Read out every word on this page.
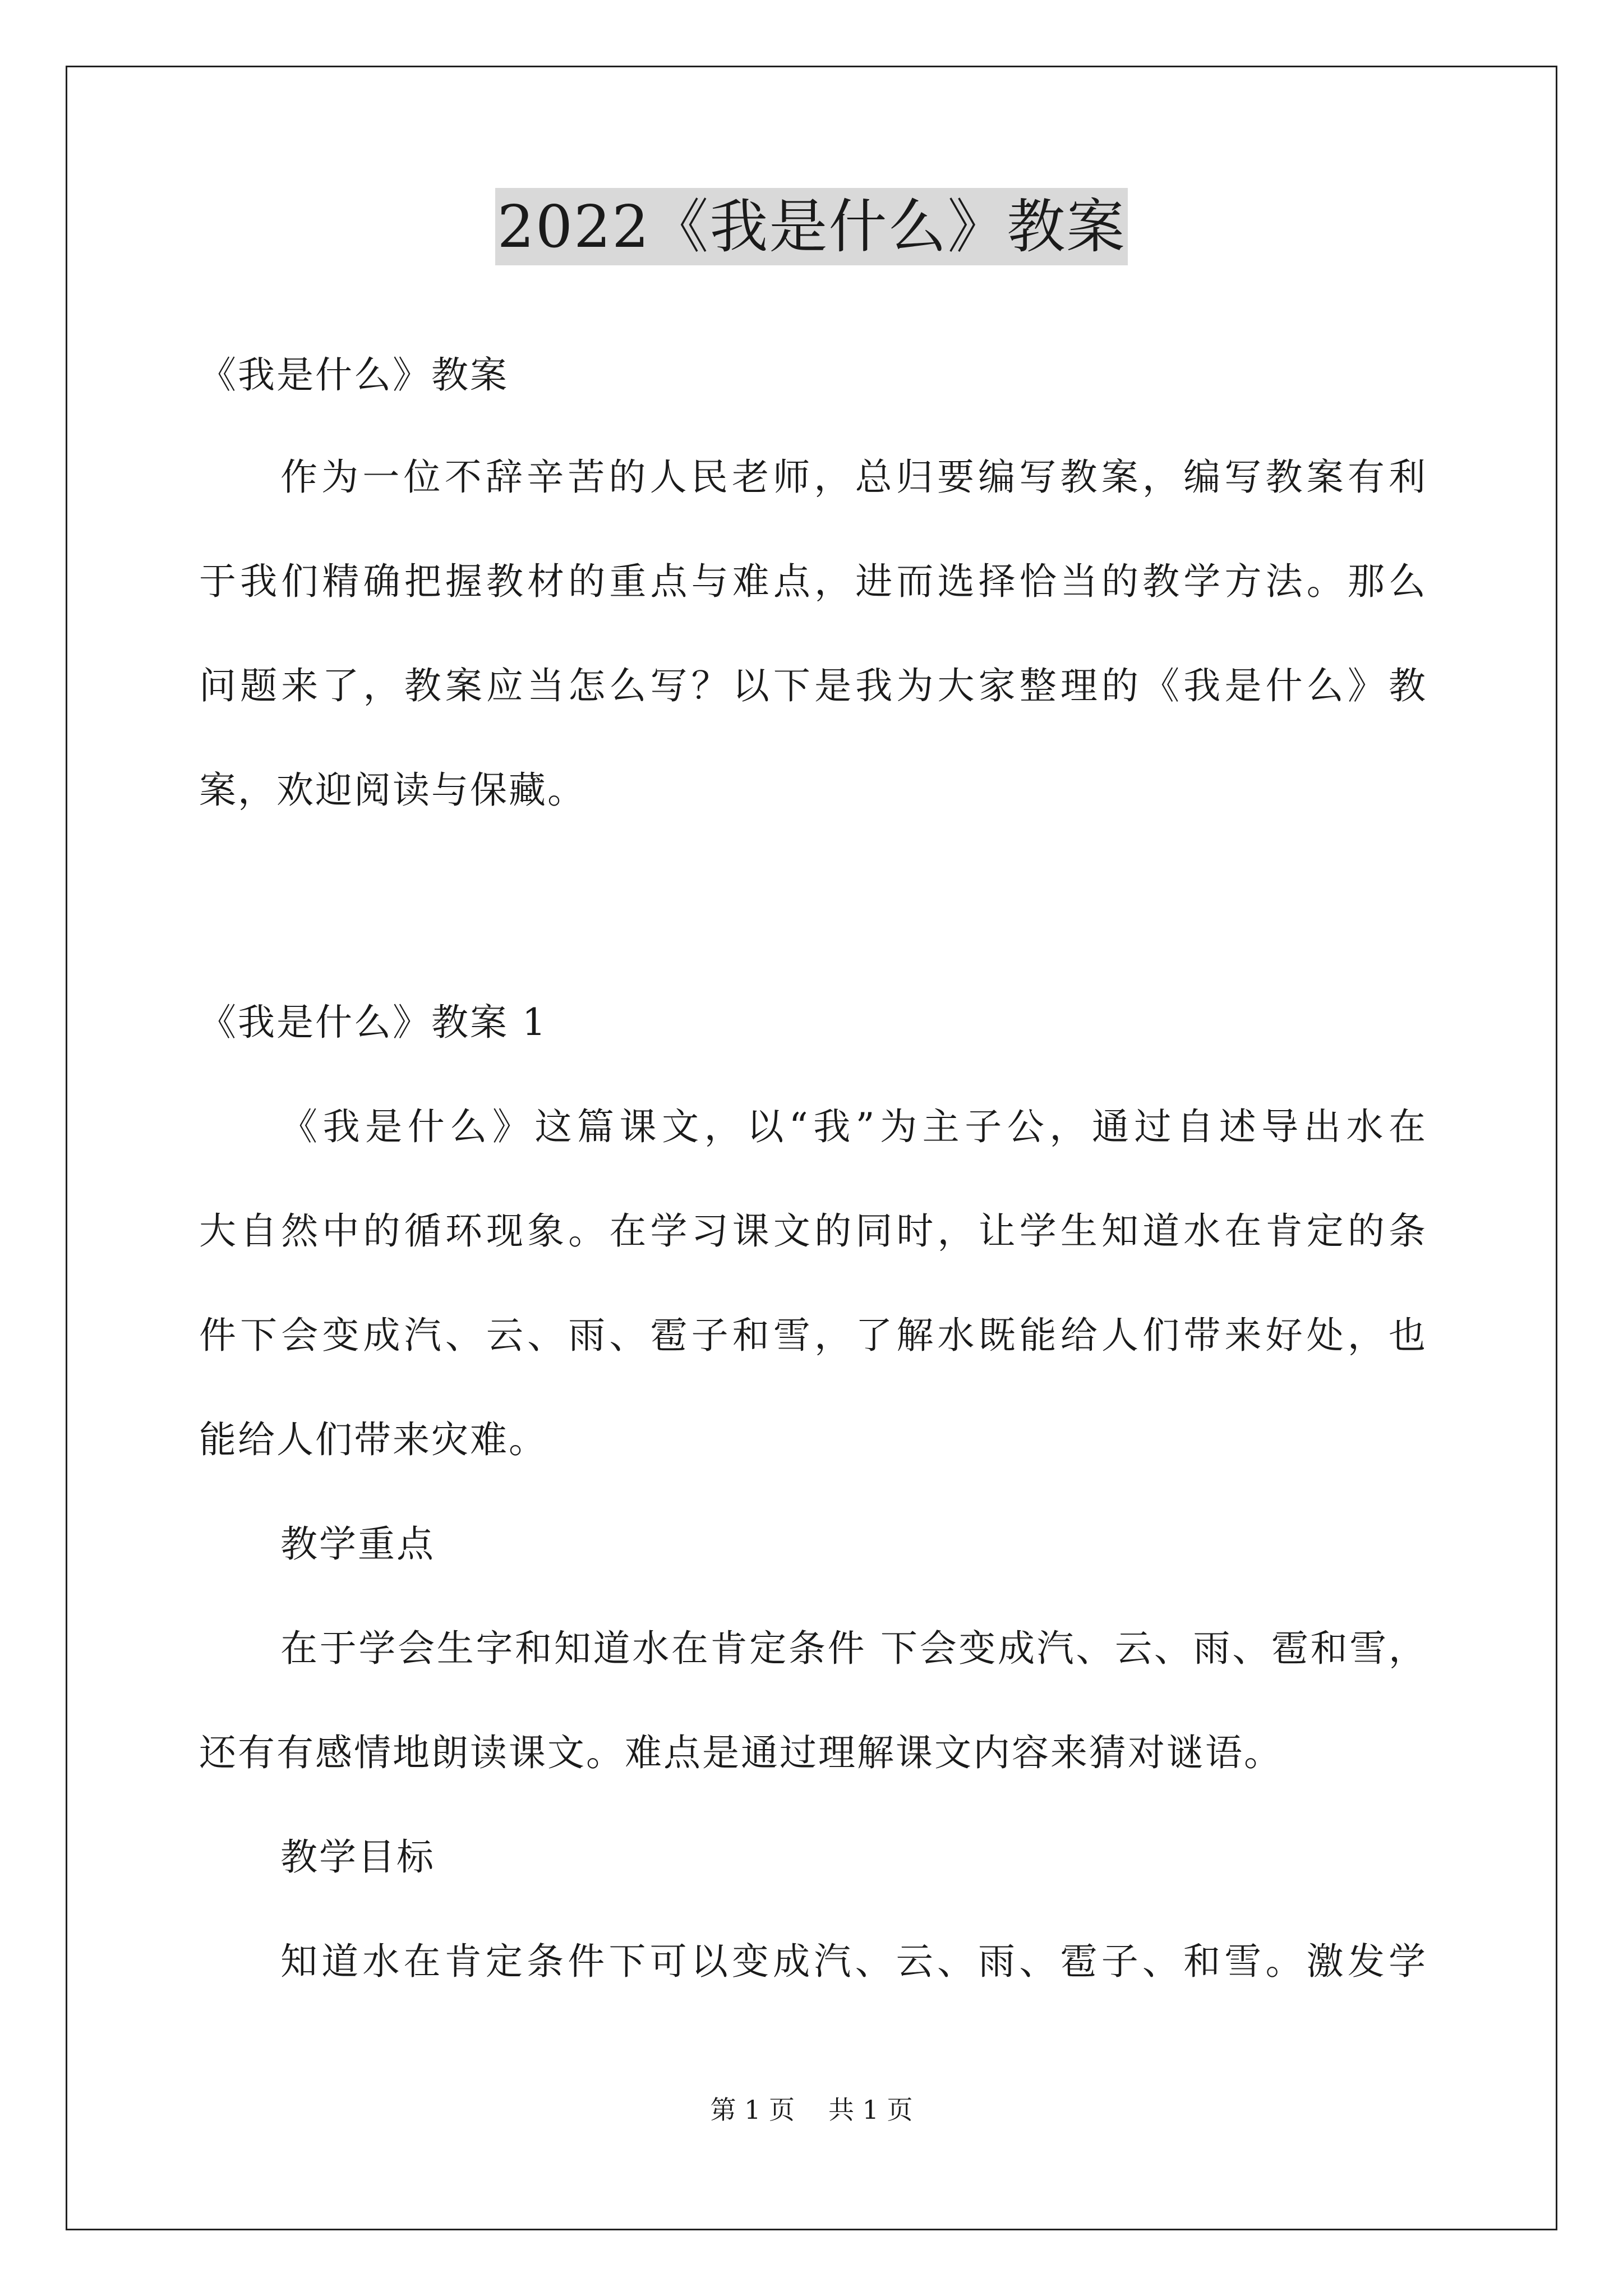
2022《我是什么》教案
《我是什么》教案
作为一位不辞辛苦的人民老师，总归要编写教案，编写教案有利
于我们精确把握教材的重点与难点，进而选择恰当的教学方法。那么
问题来了，教案应当怎么写？以下是我为大家整理的《我是什么》教
案，欢迎阅读与保藏。
《我是什么》教案 1
《我是什么》这篇课文，以“我”为主子公，通过自述导出水在
大自然中的循环现象。在学习课文的同时，让学生知道水在肯定的条
件下会变成汽、云、雨、雹子和雪，了解水既能给人们带来好处，也
能给人们带来灾难。
教学重点
在于学会生字和知道水在肯定条件 下会变成汽、云、雨、雹和雪，
还有有感情地朗读课文。难点是通过理解课文内容来猜对谜语。
教学目标
知道水在肯定条件下可以变成汽、云、雨、雹子、和雪。激发学
第 1 页 共 1 页
